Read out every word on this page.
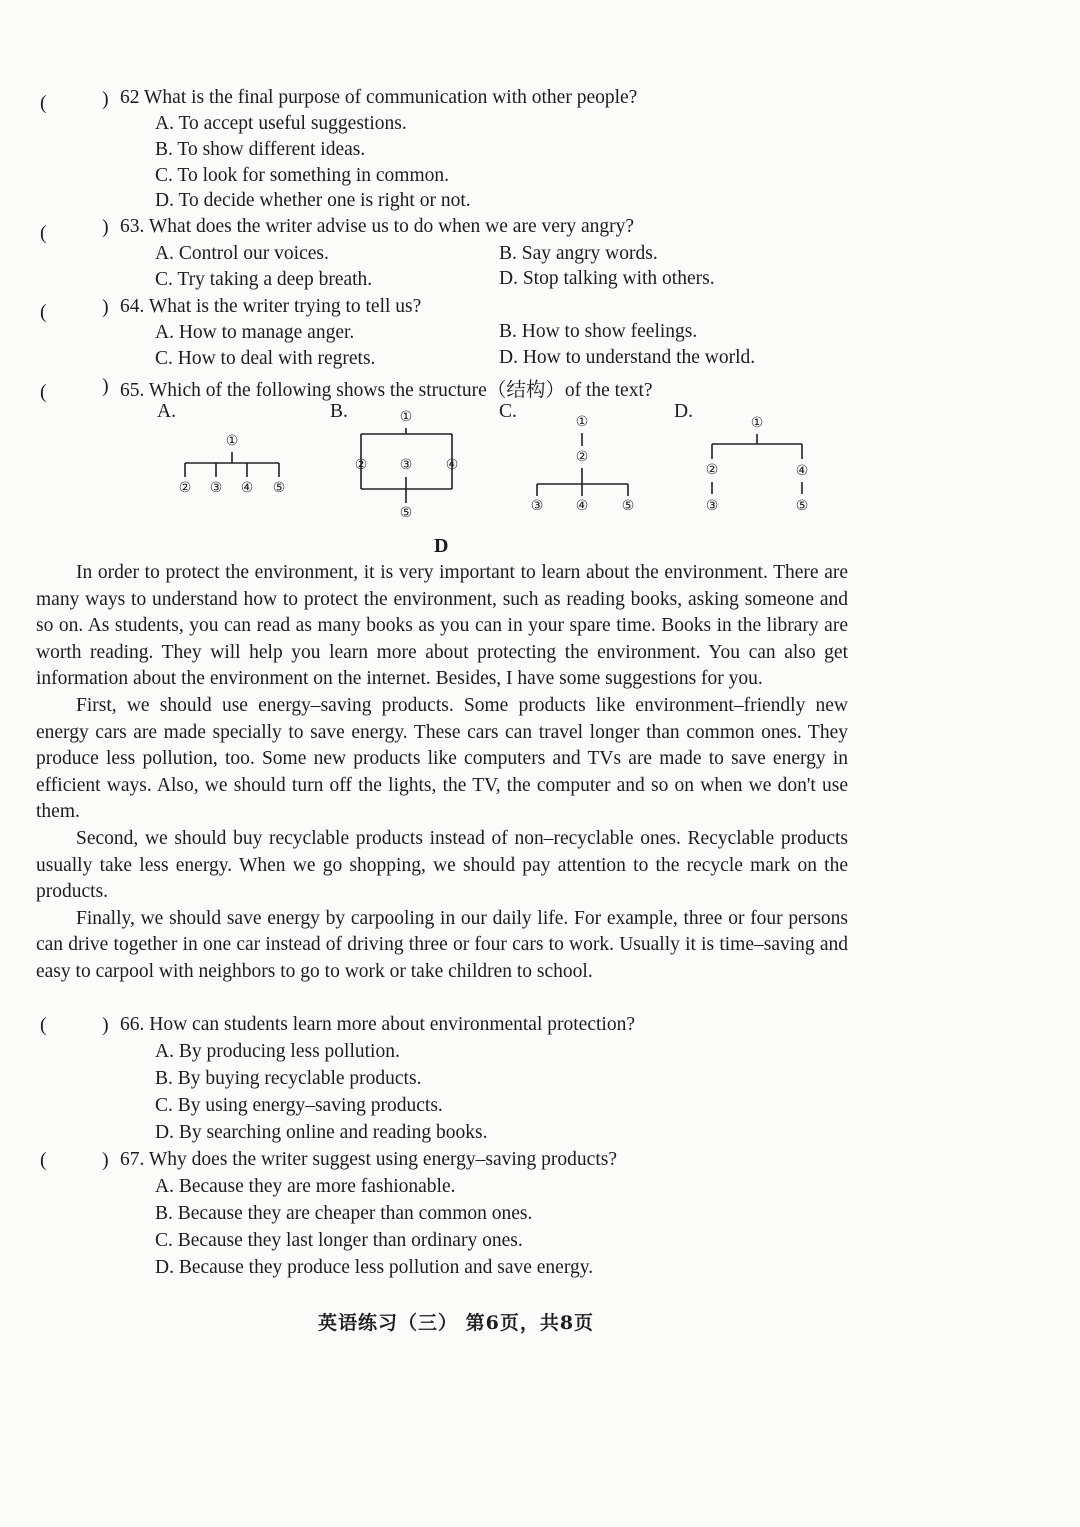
(	) 62 What is the final purpose of communication with other people?
A. To accept useful suggestions.
B. To show different ideas.
C. To look for something in common.
D. To decide whether one is right or not.
(	) 63. What does the writer advise us to do when we are very angry?
A. Control our voices.	B. Say angry words.
C. Try taking a deep breath.	D. Stop talking with others.
(	) 64. What is the writer trying to tell us?
A. How to manage anger.	B. How to show feelings.
C. How to deal with regrets.	D. How to understand the world.
(	) 65. Which of the following shows the structure（结构）of the text?
A.	B.	C.	D.
①
② ③ ④ ⑤
①
② ③ ④
⑤
①
②
③ ④ ⑤
①
②	④
③	⑤
D

In order to protect the environment, it is very important to learn about the environment. There are many ways to understand how to protect the environment, such as reading books, asking someone and so on. As students, you can read as many books as you can in your spare time. Books in the library are worth reading. They will help you learn more about protecting the environment. You can also get information about the environment on the internet. Besides, I have some suggestions for you.

First, we should use energy–saving products. Some products like environment–friendly new energy cars are made specially to save energy. These cars can travel longer than common ones. They produce less pollution, too. Some new products like computers and TVs are made to save energy in efficient ways. Also, we should turn off the lights, the TV, the computer and so on when we don't use them.

Second, we should buy recyclable products instead of non–recyclable ones. Recyclable products usually take less energy. When we go shopping, we should pay attention to the recycle mark on the products.

Finally, we should save energy by carpooling in our daily life. For example, three or four persons can drive together in one car instead of driving three or four cars to work. Usually it is time–saving and easy to carpool with neighbors to go to work or take children to school.

(	) 66. How can students learn more about environmental protection?
A. By producing less pollution.
B. By buying recyclable products.
C. By using energy–saving products.
D. By searching online and reading books.
(	) 67. Why does the writer suggest using energy–saving products?
A. Because they are more fashionable.
B. Because they are cheaper than common ones.
C. Because they last longer than ordinary ones.
D. Because they produce less pollution and save energy.
英语练习（三） 第6页，共8页
